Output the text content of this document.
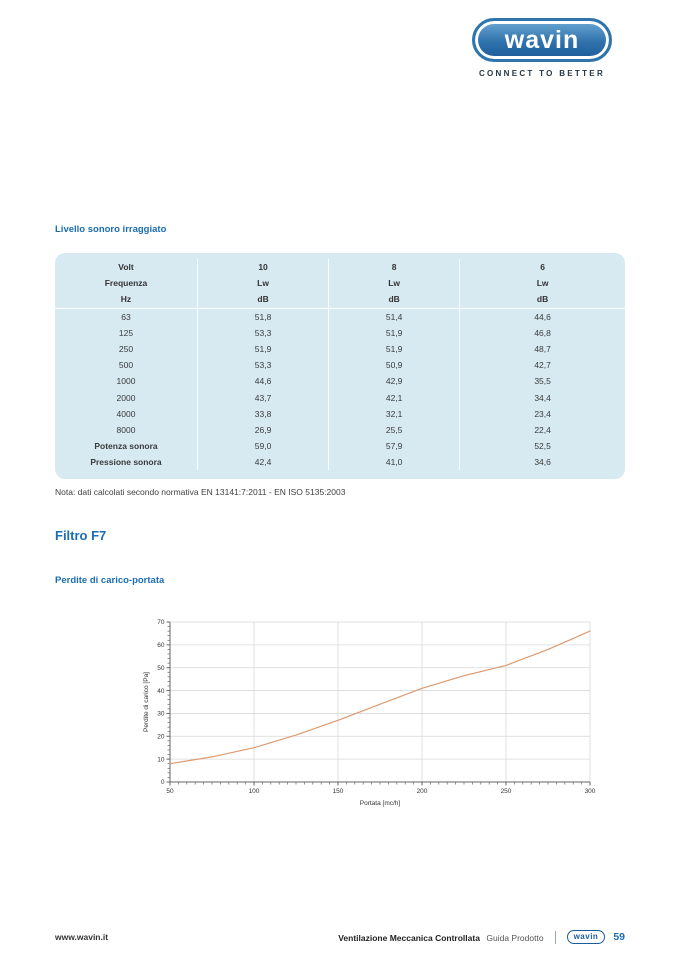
wavin
CONNECT TO BETTER
Livello sonoro irraggiato
Volt	10	8	6
Frequenza	Lw	Lw	Lw
Hz	dB	dB	dB
63	51,8	51,4	44,6
125	53,3	51,9	46,8
250	51,9	51,9	48,7
500	53,3	50,9	42,7
1000	44,6	42,9	35,5
2000	43,7	42,1	34,4
4000	33,8	32,1	23,4
8000	26,9	25,5	22,4
Potenza sonora	59,0	57,9	52,5
Pressione sonora	42,4	41,0	34,6
Nota: dati calcolati secondo normativa EN 13141:7:2011 - EN ISO 5135:2003
Filtro F7
Perdite di carico-portata
0
10
20
30
40
50
60
70
50	100	150	200	250	300
Portata [mc/h]
Perdite di carico [Pa]
www.wavin.it	Ventilazione Meccanica Controllata Guida Prodotto	wavin	59
